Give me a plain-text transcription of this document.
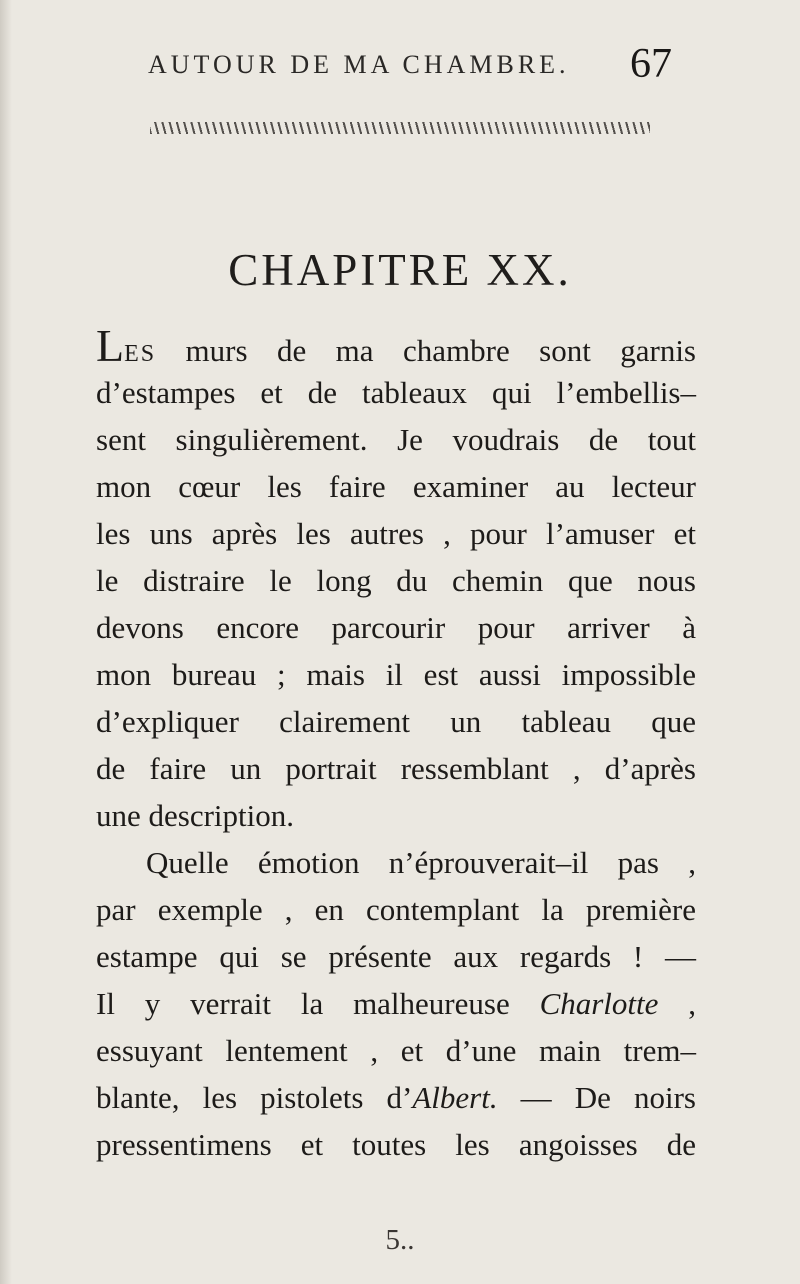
AUTOUR DE MA CHAMBRE. 67
CHAPITRE XX.
LES murs de ma chambre sont garnis
d’estampes et de tableaux qui l’embellis–
sent singulièrement. Je voudrais de tout
mon cœur les faire examiner au lecteur
les uns après les autres , pour l’amuser et
le distraire le long du chemin que nous
devons encore parcourir pour arriver à
mon bureau ; mais il est aussi impossible
d’expliquer clairement un tableau que
de faire un portrait ressemblant , d’après
une description.
Quelle émotion n’éprouverait–il pas ,
par exemple , en contemplant la première
estampe qui se présente aux regards ! —
Il y verrait la malheureuse Charlotte ,
essuyant lentement , et d’une main trem–
blante, les pistolets d’Albert. — De noirs
pressentimens et toutes les angoisses de
5..
